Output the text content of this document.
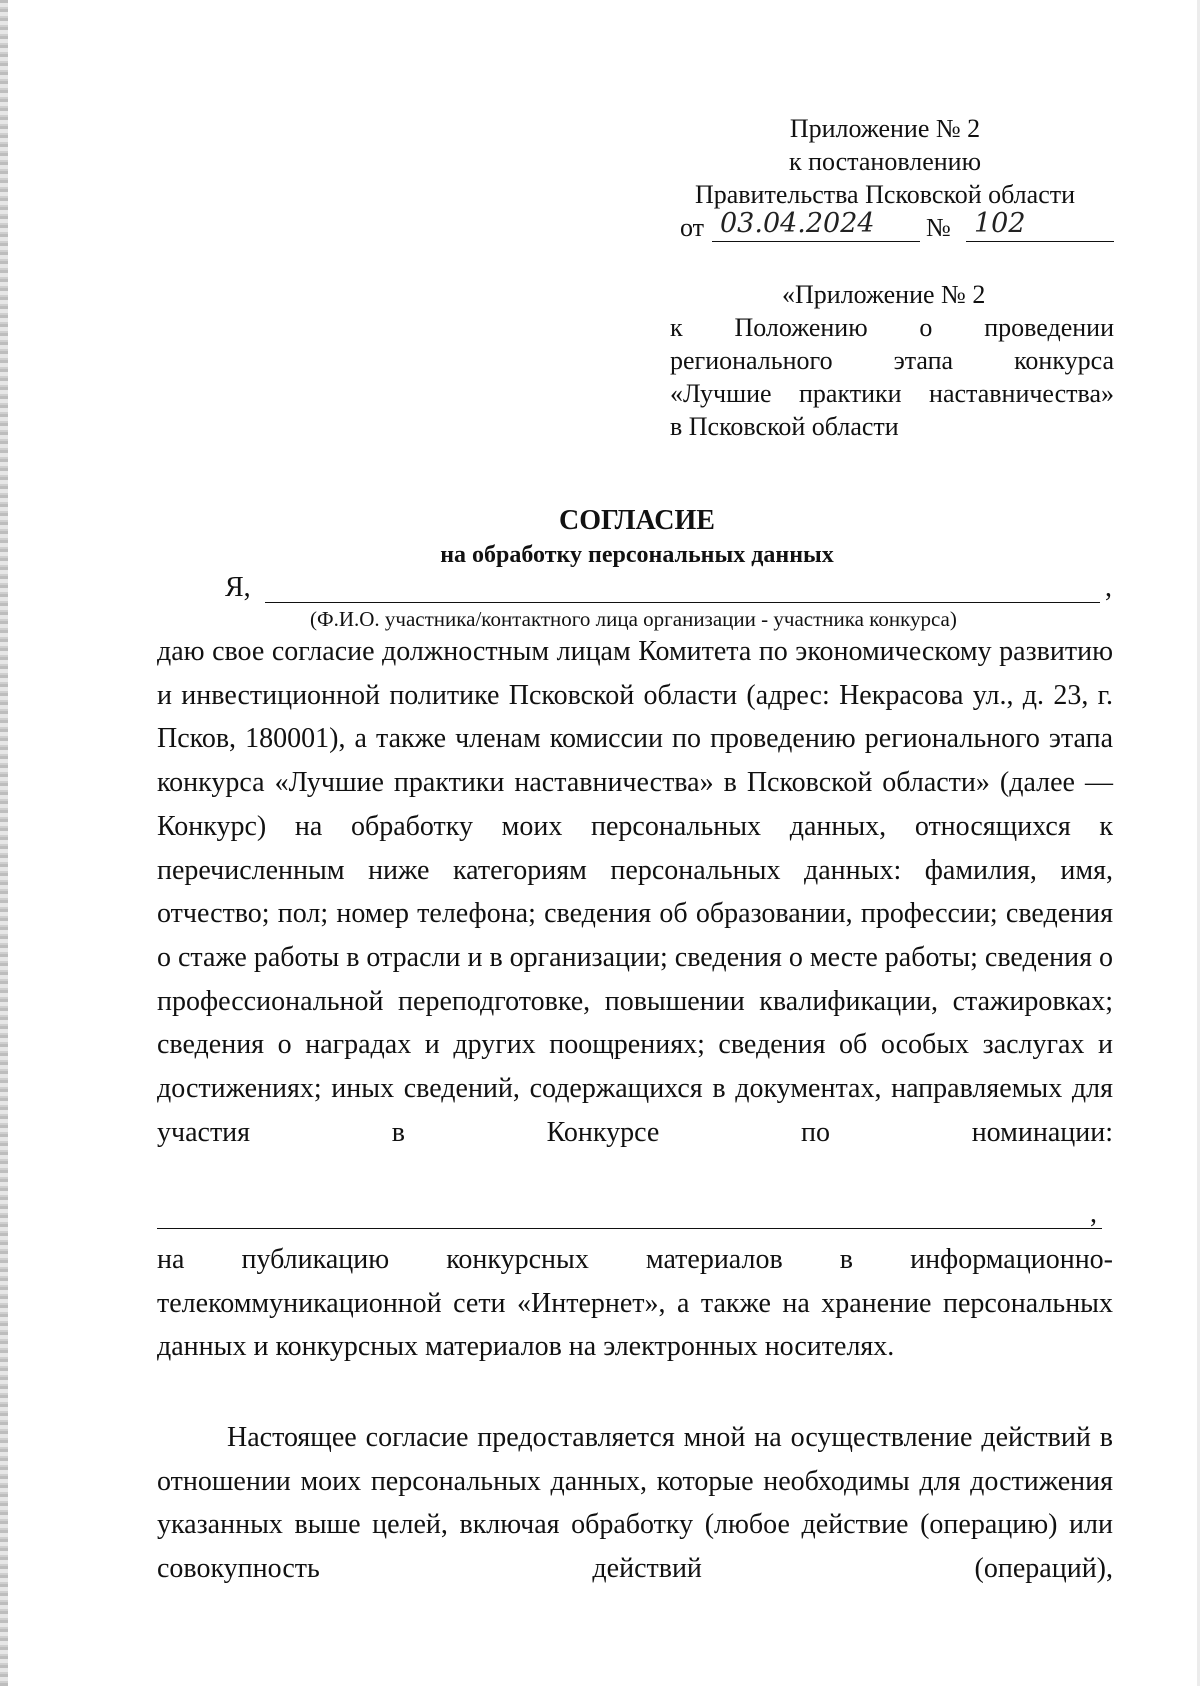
Приложение № 2
к постановлению
Правительства Псковской области
от 03.04.2024	№ 102
«Приложение № 2
к Положению о проведении
регионального этапа конкурса
«Лучшие практики наставничества»
в Псковской области
СОГЛАСИЕ
на обработку персональных данных
Я,	,
(Ф.И.О. участника/контактного лица организации - участника конкурса)

даю свое согласие должностным лицам Комитета по экономическому развитию и инвестиционной политике Псковской области (адрес: Некрасова ул., д. 23, г. Псков, 180001), а также членам комиссии по проведению регионального этапа конкурса «Лучшие практики наставничества» в Псковской области» (далее — Конкурс) на обработку моих персональных данных, относящихся к перечисленным ниже категориям персональных данных: фамилия, имя, отчество; пол; номер телефона; сведения об образовании, профессии; сведения о стаже работы в отрасли и в организации; сведения о месте работы; сведения о профессиональной переподготовке, повышении квалификации, стажировках; сведения о наградах и других поощрениях; сведения об особых заслугах и достижениях; иных сведений, содержащихся в документах, направляемых для участия в Конкурсе по номинации:

,

на публикацию конкурсных материалов в информационно-телекоммуникационной сети «Интернет», а также на хранение персональных данных и конкурсных материалов на электронных носителях.

Настоящее согласие предоставляется мной на осуществление действий в отношении моих персональных данных, которые необходимы для достижения указанных выше целей, включая обработку (любое действие (операцию) или совокупность действий (операций),
